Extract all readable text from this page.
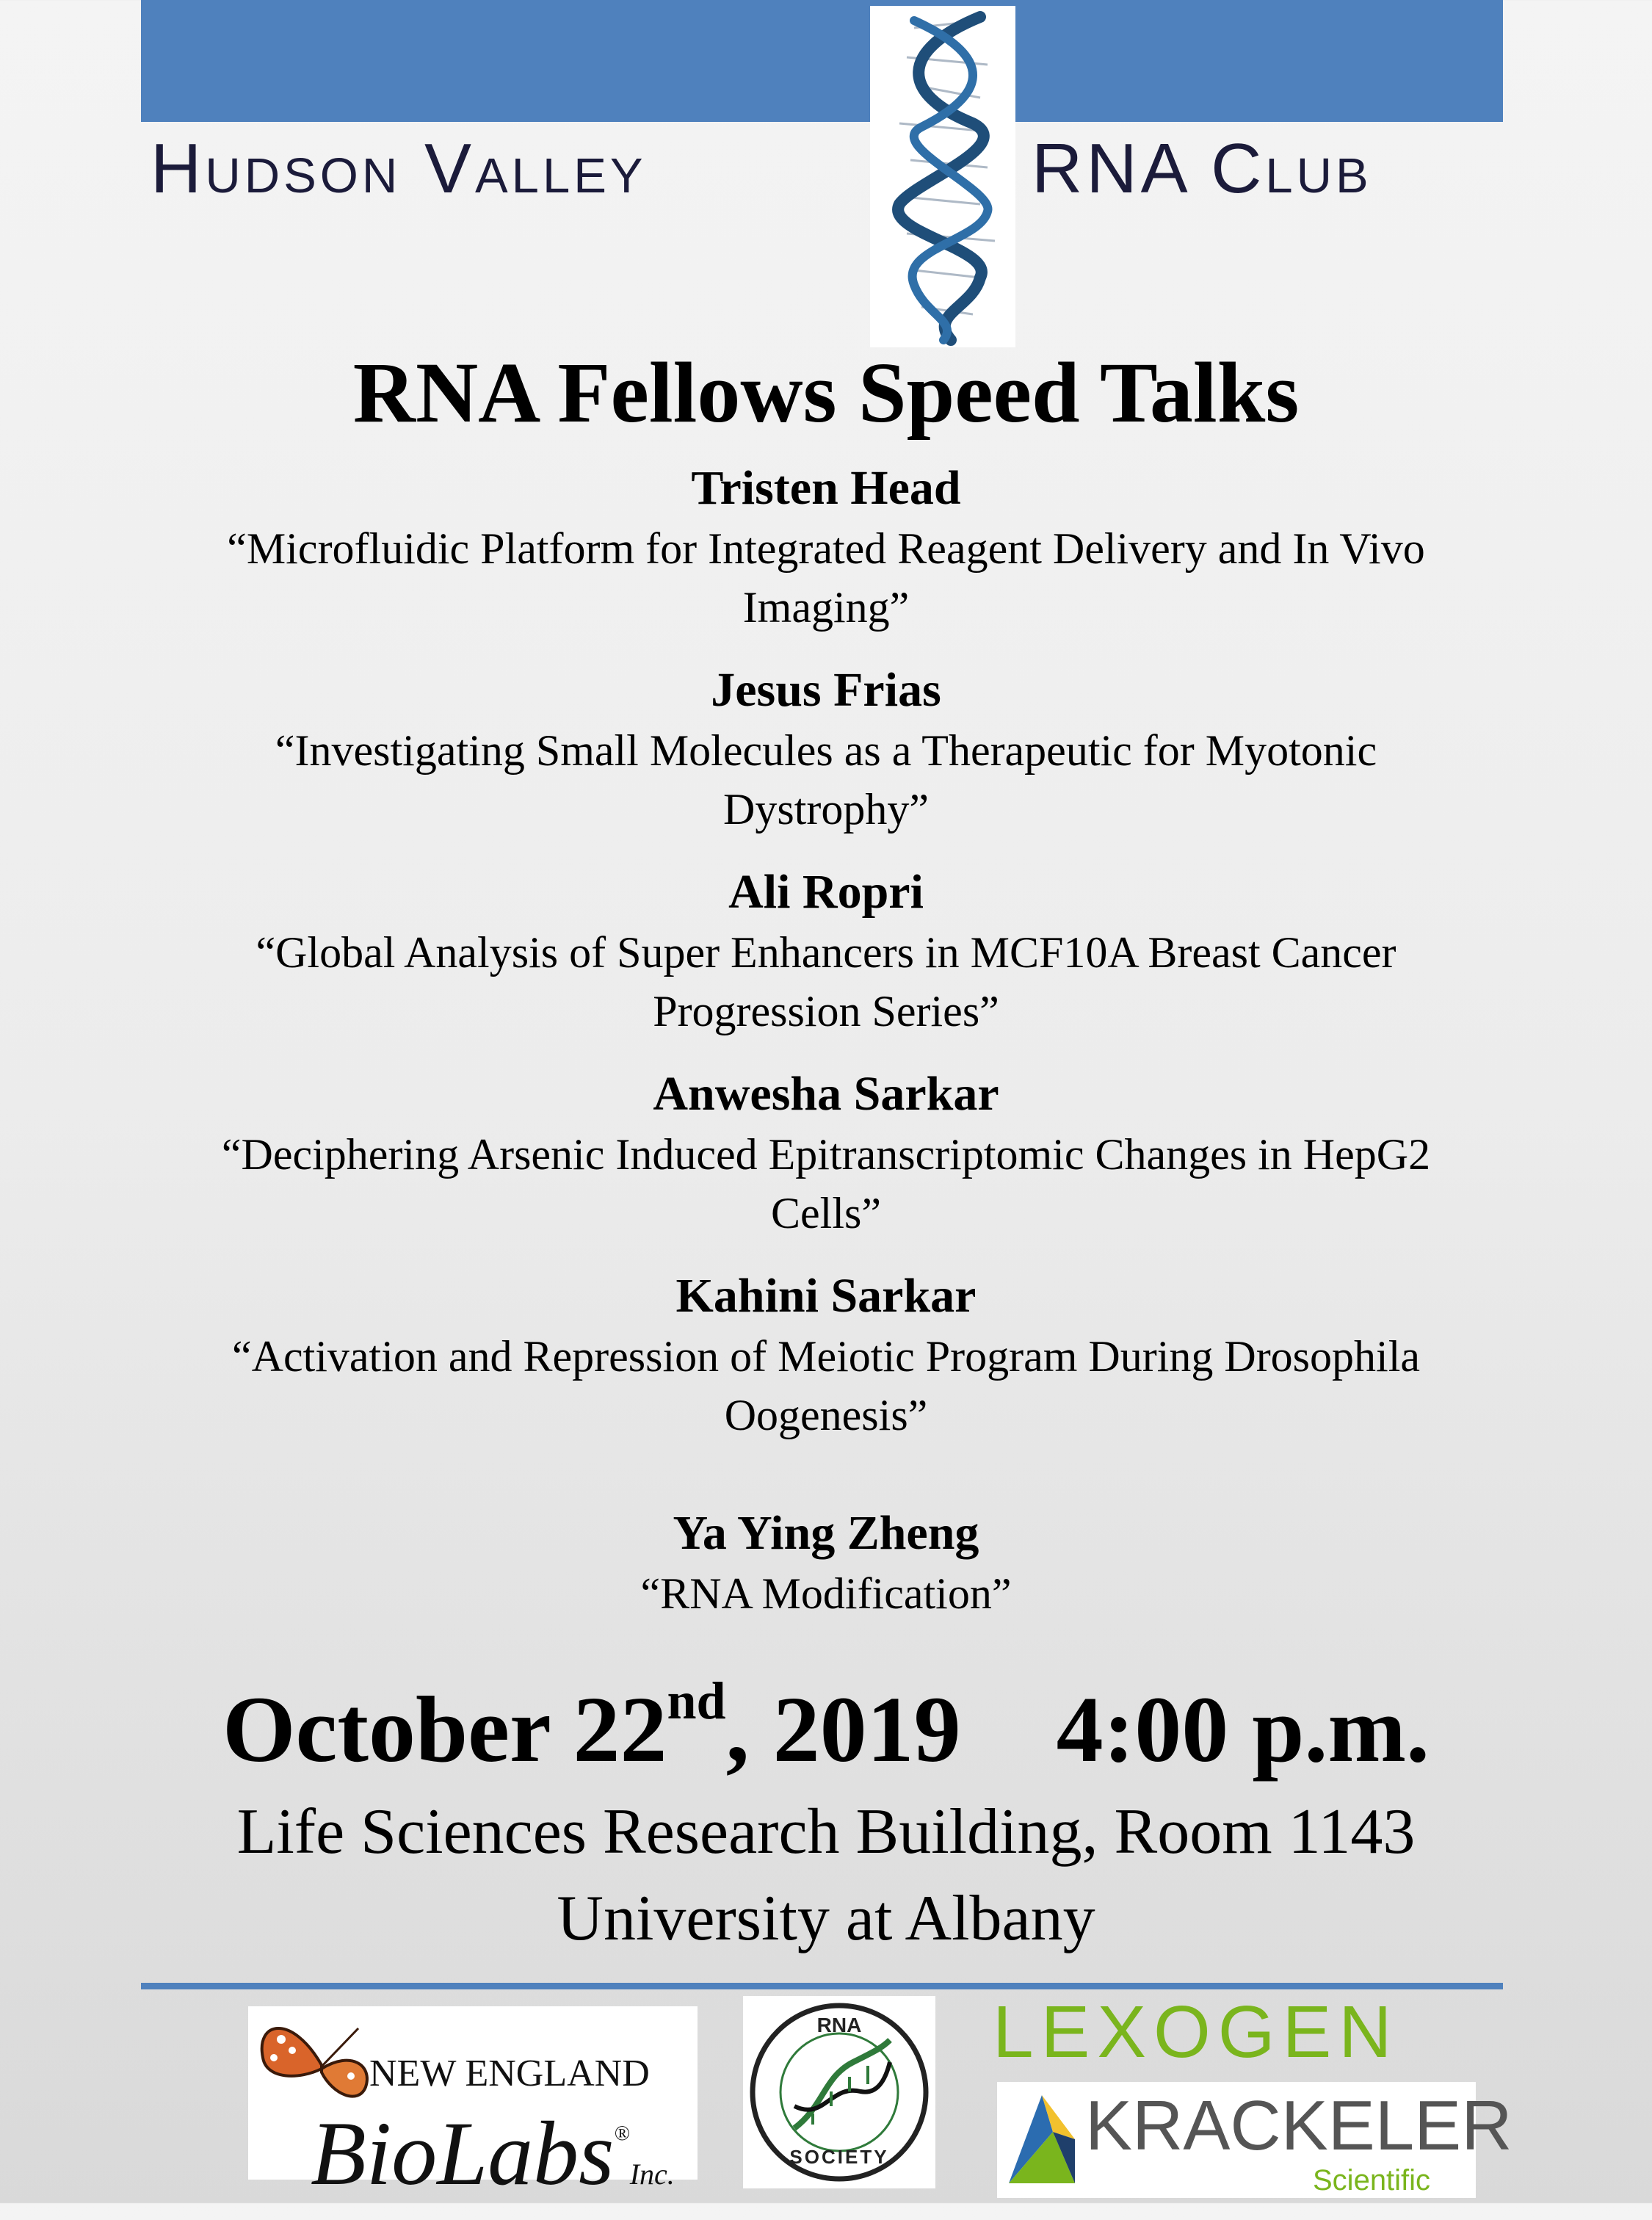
Hudson Valley	RNA Club
RNA Fellows Speed Talks
Tristen Head
“Microfluidic Platform for Integrated Reagent Delivery and In Vivo
Imaging”
Jesus Frias
“Investigating Small Molecules as a Therapeutic for Myotonic
Dystrophy”
Ali Ropri
“Global Analysis of Super Enhancers in MCF10A Breast Cancer
Progression Series”
Anwesha Sarkar
“Deciphering Arsenic Induced Epitranscriptomic Changes in HepG2
Cells”
Kahini Sarkar
“Activation and Repression of Meiotic Program During Drosophila
Oogenesis”
Ya Ying Zheng
“RNA Modification”
October 22nd, 2019 4:00 p.m.
Life Sciences Research Building, Room 1143
University at Albany
NEW ENGLAND
BioLabs®Inc.
RNA
SOCIETY
LEXOGEN
KRACKELER
Scientific
